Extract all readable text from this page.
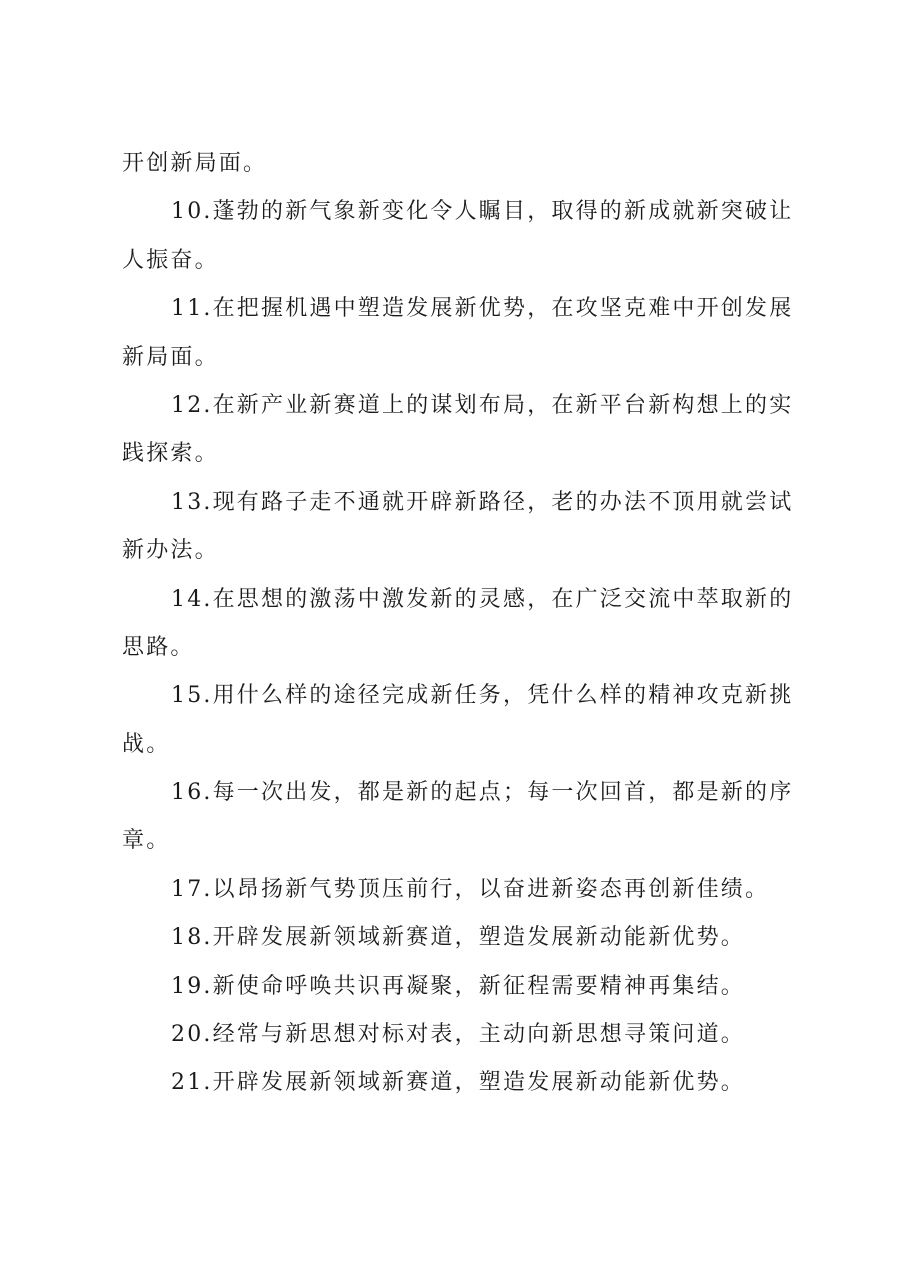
开创新局面。
10.蓬勃的新气象新变化令人瞩目，取得的新成就新突破让
人振奋。
11.在把握机遇中塑造发展新优势，在攻坚克难中开创发展
新局面。
12.在新产业新赛道上的谋划布局，在新平台新构想上的实
践探索。
13.现有路子走不通就开辟新路径，老的办法不顶用就尝试
新办法。
14.在思想的激荡中激发新的灵感，在广泛交流中萃取新的
思路。
15.用什么样的途径完成新任务，凭什么样的精神攻克新挑
战。
16.每一次出发，都是新的起点；每一次回首，都是新的序
章。
17.以昂扬新气势顶压前行，以奋进新姿态再创新佳绩。
18.开辟发展新领域新赛道，塑造发展新动能新优势。
19.新使命呼唤共识再凝聚，新征程需要精神再集结。
20.经常与新思想对标对表，主动向新思想寻策问道。
21.开辟发展新领域新赛道，塑造发展新动能新优势。
